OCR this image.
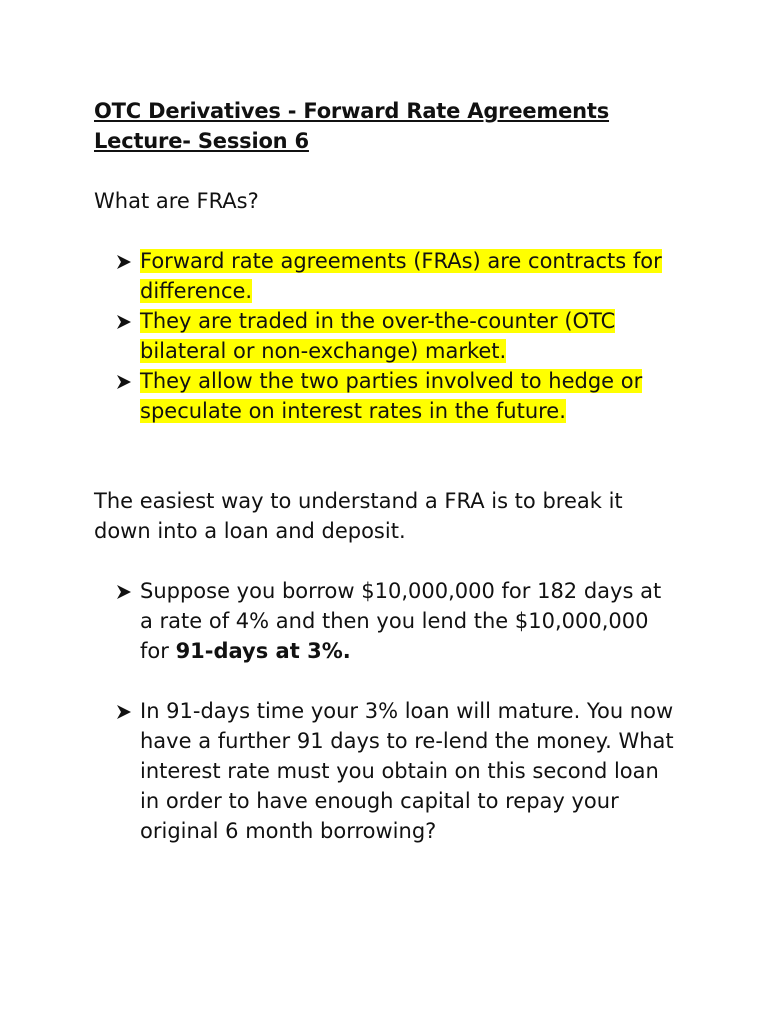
OTC Derivatives - Forward Rate Agreements Lecture- Session 6

What are FRAs?

Forward rate agreements (FRAs) are contracts for difference.
They are traded in the over-the-counter (OTC bilateral or non-exchange) market.
They allow the two parties involved to hedge or speculate on interest rates in the future.

The easiest way to understand a FRA is to break it down into a loan and deposit.

Suppose you borrow $10,000,000 for 182 days at a rate of 4% and then you lend the $10,000,000 for 91-days at 3%.
In 91-days time your 3% loan will mature. You now have a further 91 days to re-lend the money. What interest rate must you obtain on this second loan in order to have enough capital to repay your original 6 month borrowing?
